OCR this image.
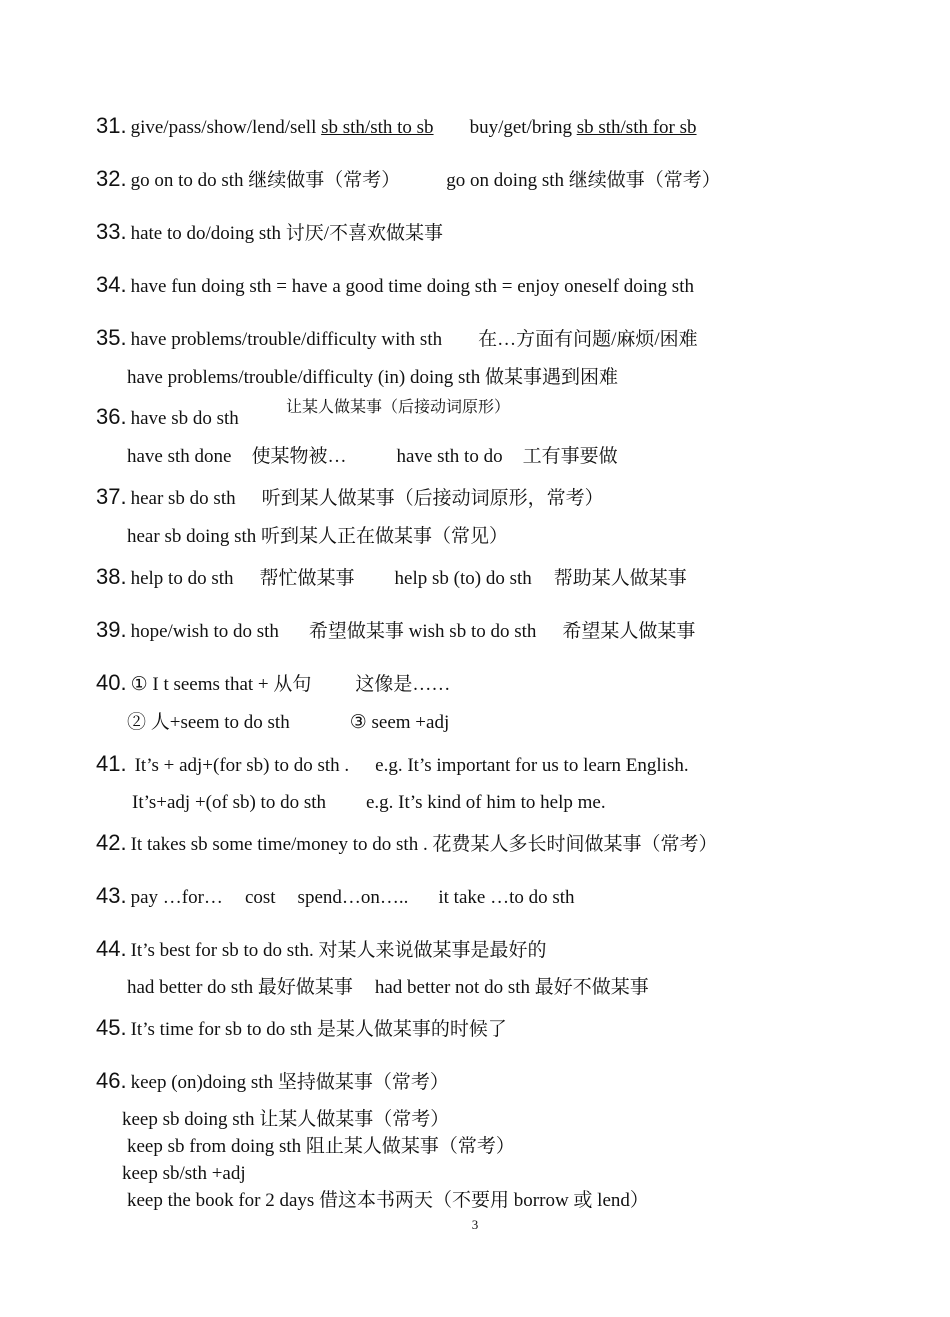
31. give/pass/show/lend/sell sb sth/sth to sb buy/get/bring sb sth/sth for sb
32. go on to do sth 继续做事（常考） go on doing sth 继续做事（常考）
33. hate to do/doing sth 讨厌/不喜欢做某事
34. have fun doing sth = have a good time doing sth = enjoy oneself doing sth
35. have problems/trouble/difficulty with sth 在…方面有问题/麻烦/困难
have problems/trouble/difficulty (in) doing sth 做某事遇到困难
让某人做某事（后接动词原形）
36. have sb do sth
have sth done 使某物被…	have sth to do 工有事要做
37. hear sb do sth 听到某人做某事（后接动词原形，常考）
hear sb doing sth 听到某人正在做某事（常见）
38. help to do sth 帮忙做某事 help sb (to) do sth 帮助某人做某事
39. hope/wish to do sth 希望做某事 wish sb to do sth 希望某人做某事
40. ① I t seems that + 从句 这像是……
② 人+seem to do sth	③ seem +adj
41. It’s + adj+(for sb) to do sth . e.g. It’s important for us to learn English.
It’s+adj +(of sb) to do sth e.g. It’s kind of him to help me.
42. It takes sb some time/money to do sth . 花费某人多长时间做某事（常考）
43. pay …for… cost spend…on….. it take …to do sth
44. It’s best for sb to do sth. 对某人来说做某事是最好的
had better do sth 最好做某事 had better not do sth 最好不做某事
45. It’s time for sb to do sth 是某人做某事的时候了
46. keep (on)doing sth 坚持做某事（常考）
keep sb doing sth 让某人做某事（常考）
keep sb from doing sth 阻止某人做某事（常考）
keep sb/sth +adj
keep the book for 2 days 借这本书两天（不要用 borrow 或 lend）
3
